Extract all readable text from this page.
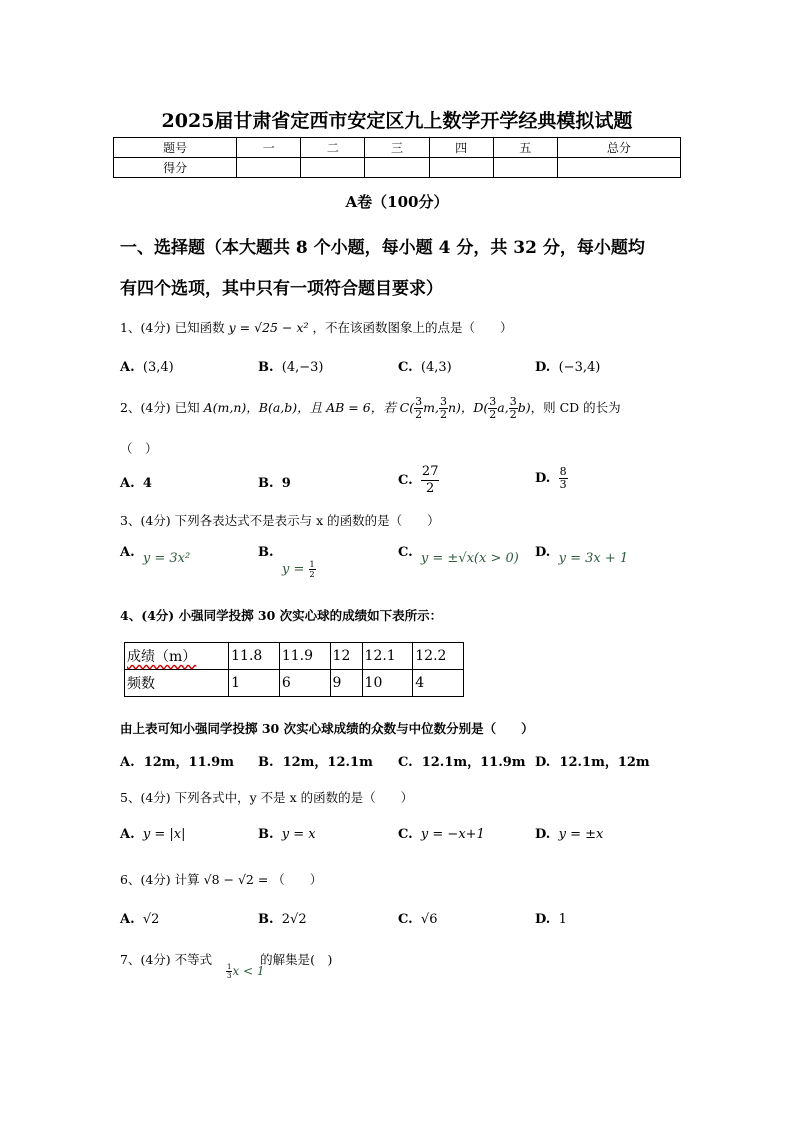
2025届甘肃省定西市安定区九上数学开学经典模拟试题
题号	一	二	三	四	五	总分
得分						
A卷（100分）
一、选择题（本大题共 8 个小题，每小题 4 分，共 32 分，每小题均
有四个选项，其中只有一项符合题目要求）
1、(4分) 已知函数 y = √25 − x² ，不在该函数图象上的点是（　　）
A. (3,4)	B. (4,−3)	C. (4,3)	D. (−3,4)
2、(4分) 已知 A(m,n)，B(a,b)，且 AB = 6，若 $C( \frac{3}{2} m$, $\frac{3}{2} n$)，$D( \frac{3}{2} a$, $\frac{3}{2} b$)，则 CD 的长为
（　）
A. 4	B. 9	C. $\frac{27}{2}$	D. $\frac{8}{3}$
3、(4分) 下列各表达式不是表示与 x 的函数的是（　　）
A. y = 3x²	B.
$y = \frac{1}{2}$
C. y = ±√x(x > 0) D. y = 3x + 1
4、(4分) 小强同学投掷 30 次实心球的成绩如下表所示：
成绩（m）	11.8	11.9	12	12.1	12.2
频数	1	6	9	10	4
由上表可知小强同学投掷 30 次实心球成绩的众数与中位数分别是（　　）
A. 12m，11.9m B. 12m，12.1m C. 12.1m，11.9m D. 12.1m，12m
5、(4分) 下列各式中，y 不是 x 的函数的是（　　）
A. y = |x|	B. y = x	C. y = −x+1	D. y = ±x
6、(4分) 计算 √8 − √2 = （　　）
A. √2	B. 2√2	C. √6	D. 1
7、(4分) 不等式	的解集是(　)
$\frac{1}{3}$ x < 1
